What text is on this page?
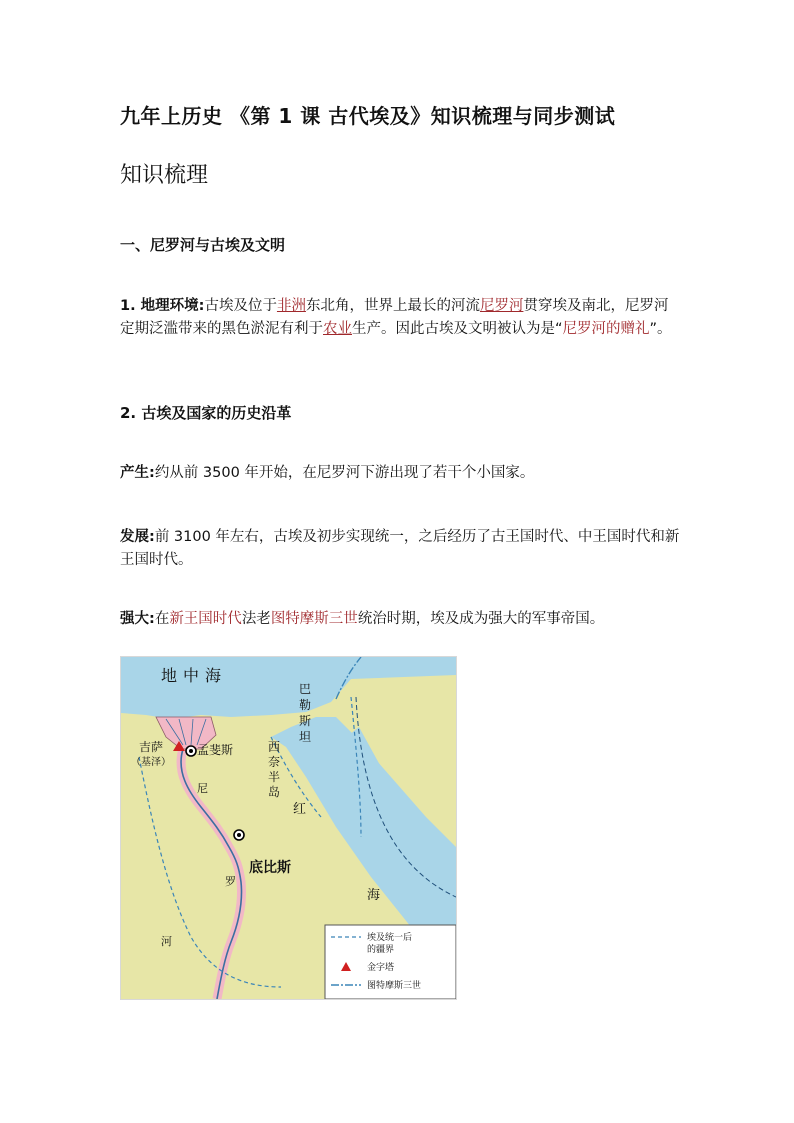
九年上历史 《第 1 课 古代埃及》知识梳理与同步测试
知识梳理
一、尼罗河与古埃及文明
1. 地理环境:古埃及位于非洲东北角，世界上最长的河流尼罗河贯穿埃及南北，尼罗河定期泛滥带来的黑色淤泥有利于农业生产。因此古埃及文明被认为是“尼罗河的赠礼”。
2. 古埃及国家的历史沿革
产生:约从前 3500 年开始，在尼罗河下游出现了若干个小国家。
发展:前 3100 年左右，古埃及初步实现统一，之后经历了古王国时代、中王国时代和新王国时代。
强大:在新王国时代法老图特摩斯三世统治时期，埃及成为强大的军事帝国。
地中海
巴
勒
斯
坦
西
奈
半
岛
吉萨
（基泽）
孟斐斯
底比斯
尼
罗
河
红
海
埃及统一后
的疆界
金字塔
图特摩斯三世
